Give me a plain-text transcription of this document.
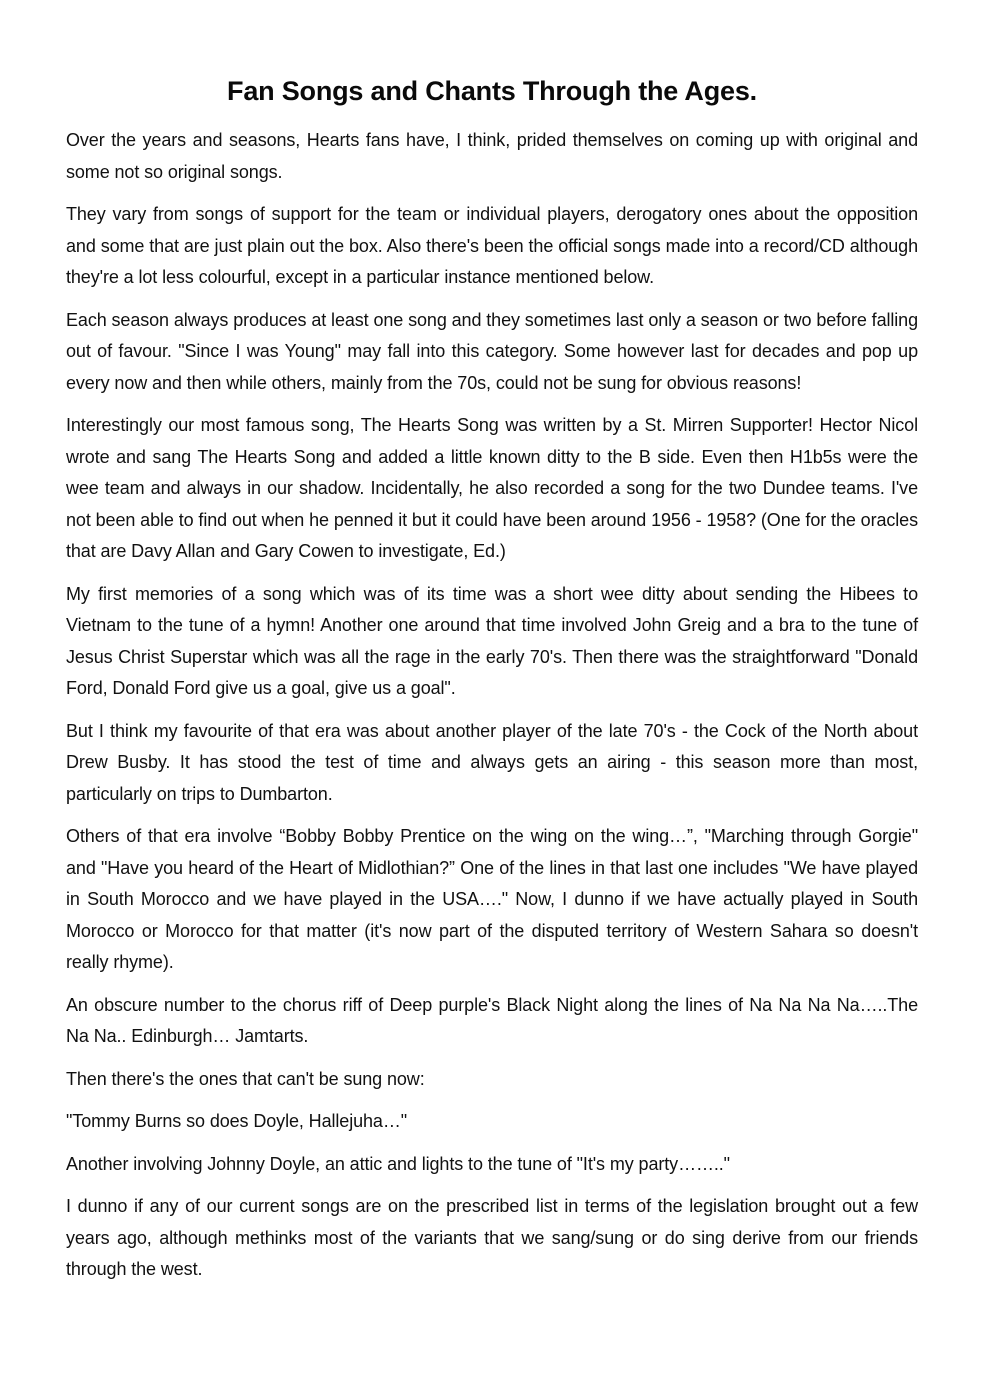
Fan Songs and Chants Through the Ages.

Over the years and seasons, Hearts fans have, I think, prided themselves on coming up with original and some not so original songs.

They vary from songs of support for the team or individual players, derogatory ones about the opposition and some that are just plain out the box. Also there's been the official songs made into a record/CD although they're a lot less colourful, except in a particular instance mentioned below.

Each season always produces at least one song and they sometimes last only a season or two before falling out of favour. "Since I was Young" may fall into this category. Some however last for decades and pop up every now and then while others, mainly from the 70s, could not be sung for obvious reasons!

Interestingly our most famous song, The Hearts Song was written by a St. Mirren Supporter! Hector Nicol wrote and sang The Hearts Song and added a little known ditty to the B side. Even then H1b5s were the wee team and always in our shadow. Incidentally, he also recorded a song for the two Dundee teams. I've not been able to find out when he penned it but it could have been around 1956 - 1958? (One for the oracles that are Davy Allan and Gary Cowen to investigate, Ed.)

My first memories of a song which was of its time was a short wee ditty about sending the Hibees to Vietnam to the tune of a hymn! Another one around that time involved John Greig and a bra to the tune of Jesus Christ Superstar which was all the rage in the early 70's. Then there was the straightforward "Donald Ford, Donald Ford give us a goal, give us a goal".

But I think my favourite of that era was about another player of the late 70's - the Cock of the North about Drew Busby. It has stood the test of time and always gets an airing - this season more than most, particularly on trips to Dumbarton.

Others of that era involve “Bobby Bobby Prentice on the wing on the wing…”, "Marching through Gorgie" and "Have you heard of the Heart of Midlothian?” One of the lines in that last one includes "We have played in South Morocco and we have played in the USA…." Now, I dunno if we have actually played in South Morocco or Morocco for that matter (it's now part of the disputed territory of Western Sahara so doesn't really rhyme).

An obscure number to the chorus riff of Deep purple's Black Night along the lines of Na Na Na Na…..The Na Na.. Edinburgh… Jamtarts.

Then there's the ones that can't be sung now:

"Tommy Burns so does Doyle, Hallejuha…"

Another involving Johnny Doyle, an attic and lights to the tune of "It's my party…….."

I dunno if any of our current songs are on the prescribed list in terms of the legislation brought out a few years ago, although methinks most of the variants that we sang/sung or do sing derive from our friends through the west.
